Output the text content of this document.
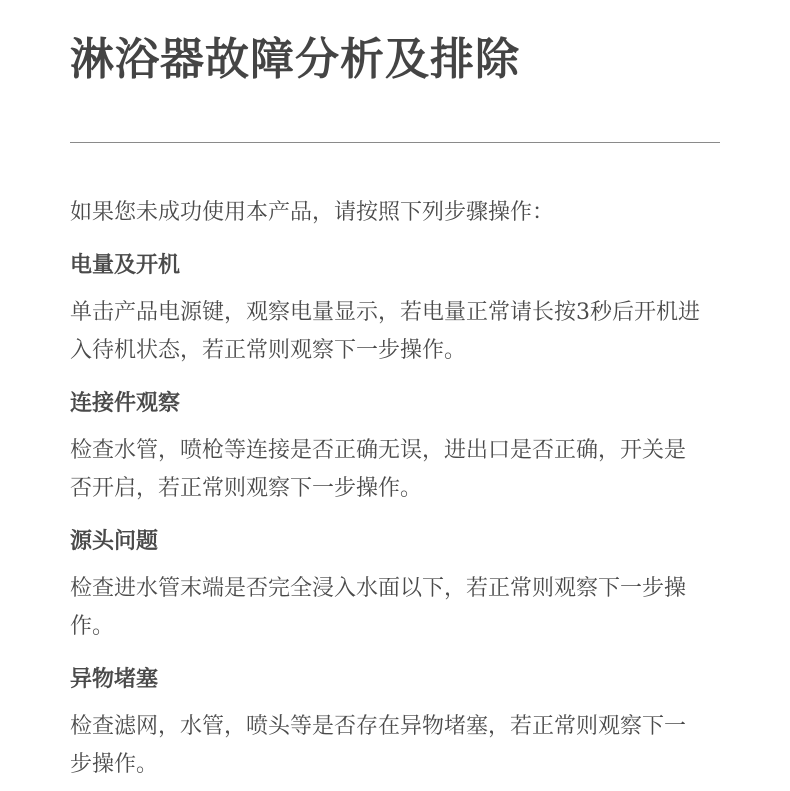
淋浴器故障分析及排除

如果您未成功使用本产品，请按照下列步骤操作：

电量及开机

单击产品电源键，观察电量显示，若电量正常请长按3秒后开机进入待机状态，若正常则观察下一步操作。

连接件观察

检查水管，喷枪等连接是否正确无误，进出口是否正确，开关是否开启，若正常则观察下一步操作。

源头问题

检查进水管末端是否完全浸入水面以下，若正常则观察下一步操作。

异物堵塞

检查滤网，水管，喷头等是否存在异物堵塞，若正常则观察下一步操作。
